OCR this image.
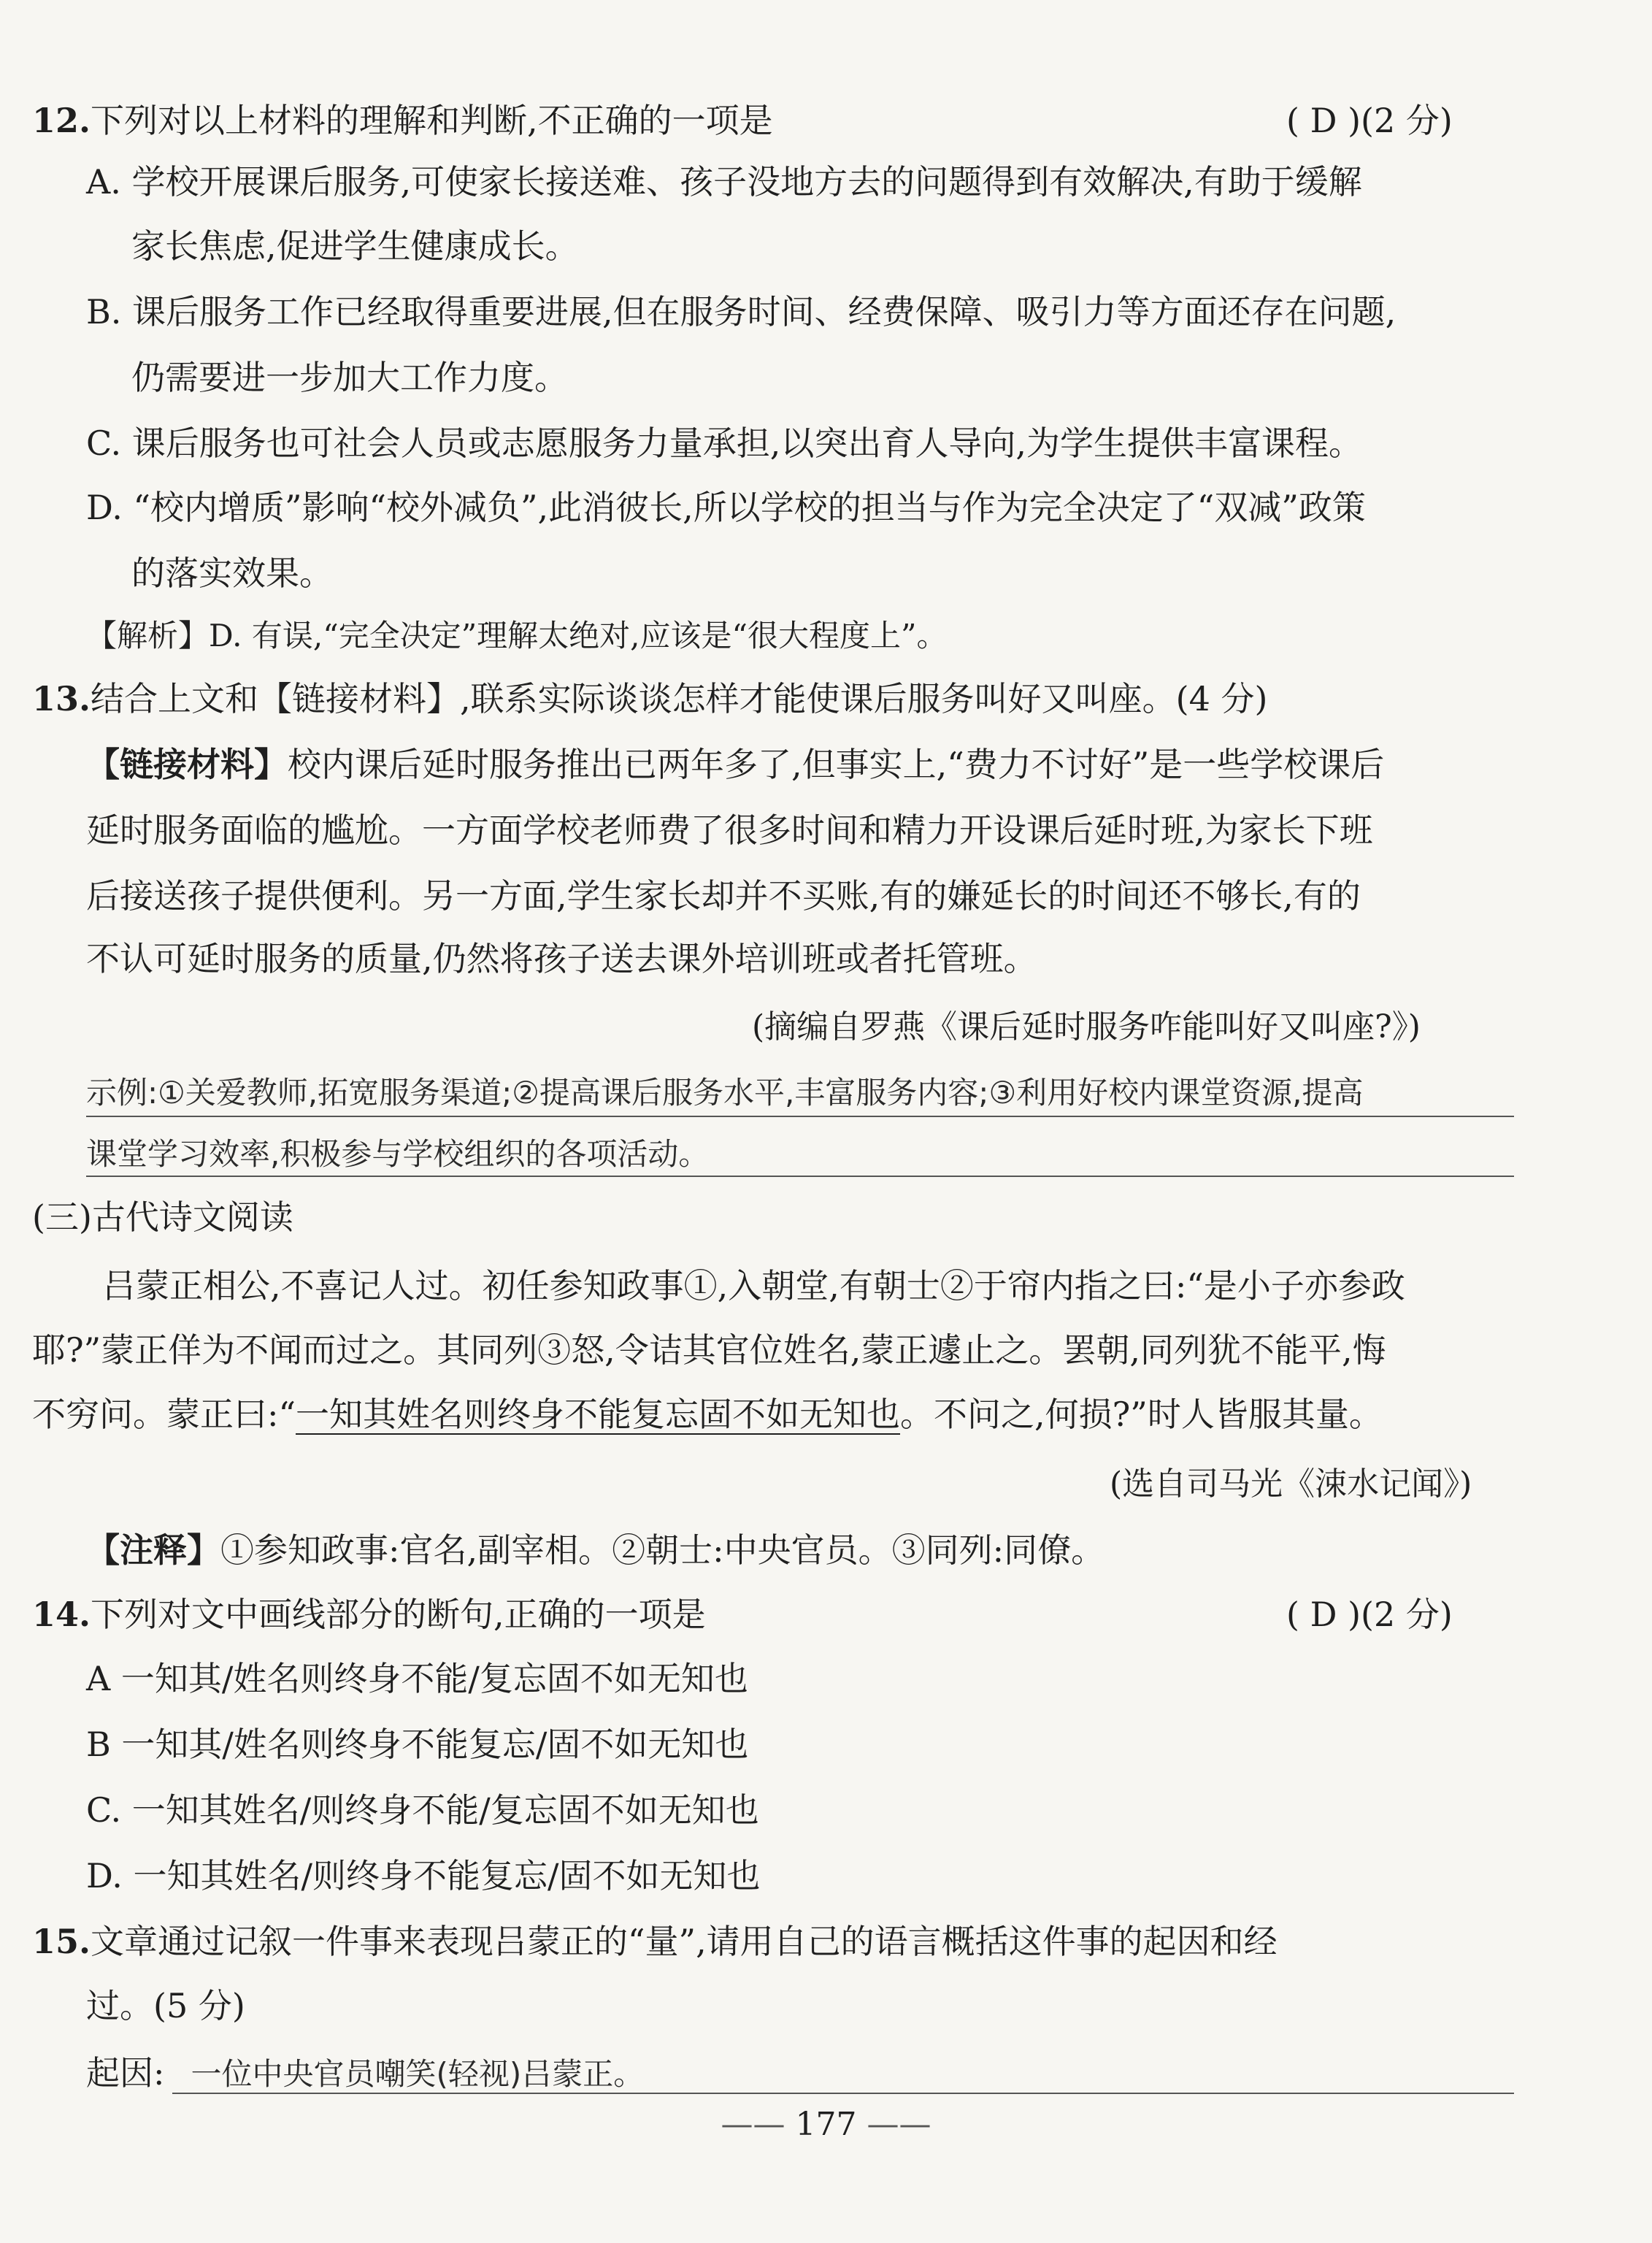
12.下列对以上材料的理解和判断,不正确的一项是	( D )(2 分)
A. 学校开展课后服务,可使家长接送难、孩子没地方去的问题得到有效解决,有助于缓解
家长焦虑,促进学生健康成长。
B. 课后服务工作已经取得重要进展,但在服务时间、经费保障、吸引力等方面还存在问题,
仍需要进一步加大工作力度。
C. 课后服务也可社会人员或志愿服务力量承担,以突出育人导向,为学生提供丰富课程。
D. “校内增质”影响“校外减负”,此消彼长,所以学校的担当与作为完全决定了“双减”政策
的落实效果。
【解析】D. 有误,“完全决定”理解太绝对,应该是“很大程度上”。
13.结合上文和【链接材料】,联系实际谈谈怎样才能使课后服务叫好又叫座。(4 分)
【链接材料】校内课后延时服务推出已两年多了,但事实上,“费力不讨好”是一些学校课后
延时服务面临的尴尬。一方面学校老师费了很多时间和精力开设课后延时班,为家长下班
后接送孩子提供便利。另一方面,学生家长却并不买账,有的嫌延长的时间还不够长,有的
不认可延时服务的质量,仍然将孩子送去课外培训班或者托管班。
(摘编自罗燕《课后延时服务咋能叫好又叫座?》)
示例:①关爱教师,拓宽服务渠道;②提高课后服务水平,丰富服务内容;③利用好校内课堂资源,提高
课堂学习效率,积极参与学校组织的各项活动。
(三)古代诗文阅读
吕蒙正相公,不喜记人过。初任参知政事①,入朝堂,有朝士②于帘内指之曰:“是小子亦参政
耶?”蒙正佯为不闻而过之。其同列③怒,令诘其官位姓名,蒙正遽止之。罢朝,同列犹不能平,悔
不穷问。蒙正曰:“一知其姓名则终身不能复忘固不如无知也。不问之,何损?”时人皆服其量。
(选自司马光《涑水记闻》)
【注释】①参知政事:官名,副宰相。②朝士:中央官员。③同列:同僚。
14.下列对文中画线部分的断句,正确的一项是	( D )(2 分)
A 一知其/姓名则终身不能/复忘固不如无知也
B 一知其/姓名则终身不能复忘/固不如无知也
C. 一知其姓名/则终身不能/复忘固不如无知也
D. 一知其姓名/则终身不能复忘/固不如无知也
15.文章通过记叙一件事来表现吕蒙正的“量”,请用自己的语言概括这件事的起因和经
过。(5 分)
起因: 一位中央官员嘲笑(轻视)吕蒙正。
—— 177 ——
